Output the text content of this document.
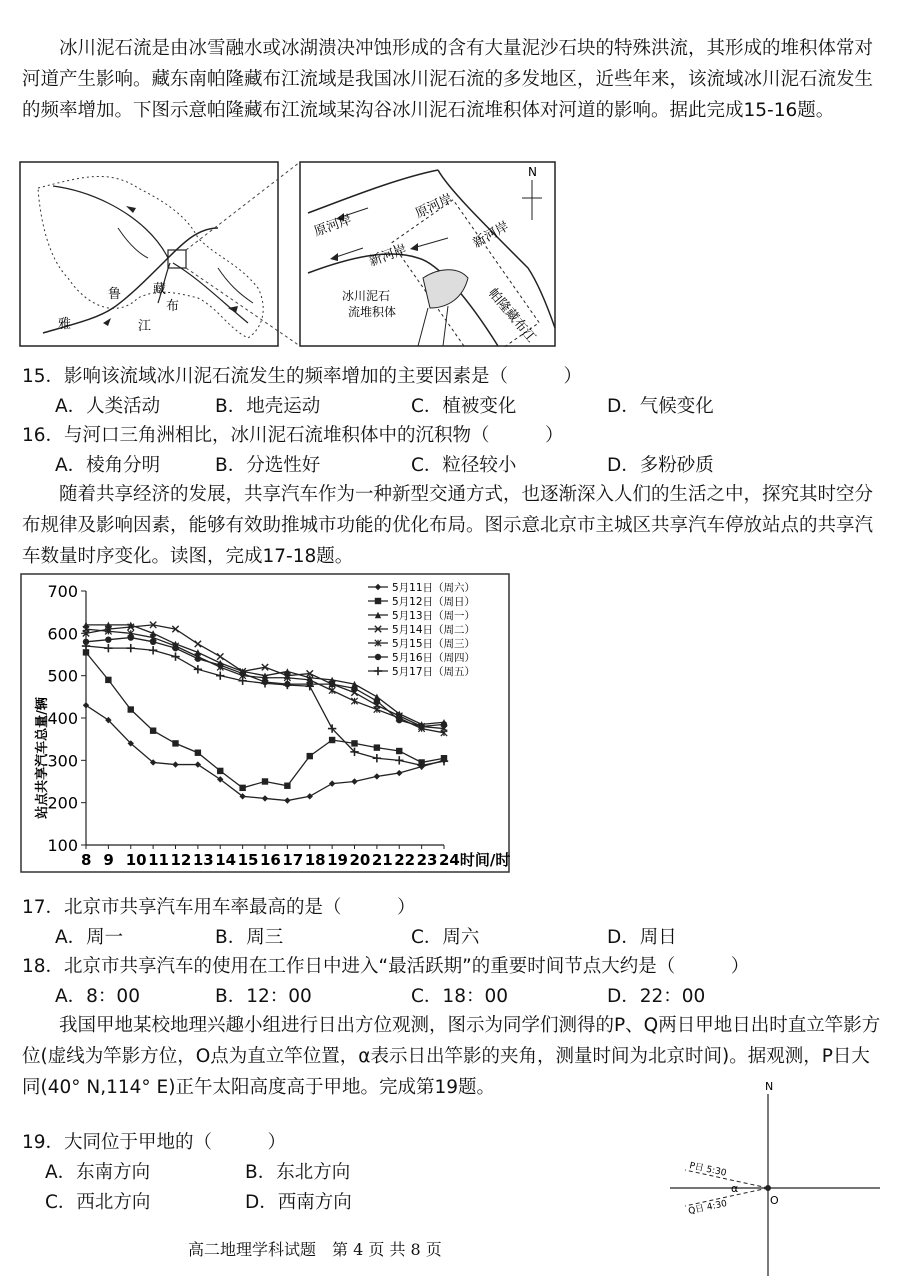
冰川泥石流是由冰雪融水或冰湖溃决冲蚀形成的含有大量泥沙石块的特殊洪流，其形成的堆积体常对河道产生影响。藏东南帕隆藏布江流域是我国冰川泥石流的多发地区，近些年来，该流域冰川泥石流发生的频率增加。下图示意帕隆藏布江流域某沟谷冰川泥石流堆积体对河道的影响。据此完成15-16题。

鲁 藏
布
雅	江
N
原河岸
新河岸
原河岸
新河岸
冰川泥石
流堆积体	帕隆藏布江
15．影响该流域冰川泥石流发生的频率增加的主要因素是（　　　）
A．人类活动	B．地壳运动	C．植被变化	D．气候变化
16．与河口三角洲相比，冰川泥石流堆积体中的沉积物（　　　）
A．棱角分明	B．分选性好	C．粒径较小	D．多粉砂质

随着共享经济的发展，共享汽车作为一种新型交通方式，也逐渐深入人们的生活之中，探究其时空分布规律及影响因素，能够有效助推城市功能的优化布局。图示意北京市主城区共享汽车停放站点的共享汽车数量时序变化。读图，完成17-18题。

站点共享汽车总量/辆
100
200
300
400
500
600
700
8 9 10 11 12 13 14 15 16 17 18 19 20 21 22 23 24时间/时
5月11日（周六）
5月12日（周日）
5月13日（周一）
5月14日（周二）
5月15日（周三）
5月16日（周四）
5月17日（周五）
17．北京市共享汽车用车率最高的是（　　　）
A．周一	B．周三	C．周六	D．周日
18．北京市共享汽车的使用在工作日中进入“最活跃期”的重要时间节点大约是（　　　）
A．8：00	B．12：00	C．18：00	D．22：00

我国甲地某校地理兴趣小组进行日出方位观测，图示为同学们测得的P、Q两日甲地日出时直立竿影方位(虚线为竿影方位，O点为直立竿位置，α表示日出竿影的夹角，测量时间为北京时间)。据观测，P日大同(40° N,114° E)正午太阳高度高于甲地。完成第19题。

19．大同位于甲地的（　　　）
A．东南方向	B．东北方向
C．西北方向	D．西南方向
N
O
α
P日 5:30
Q日 4:30
高二地理学科试题　第 4 页 共 8 页
